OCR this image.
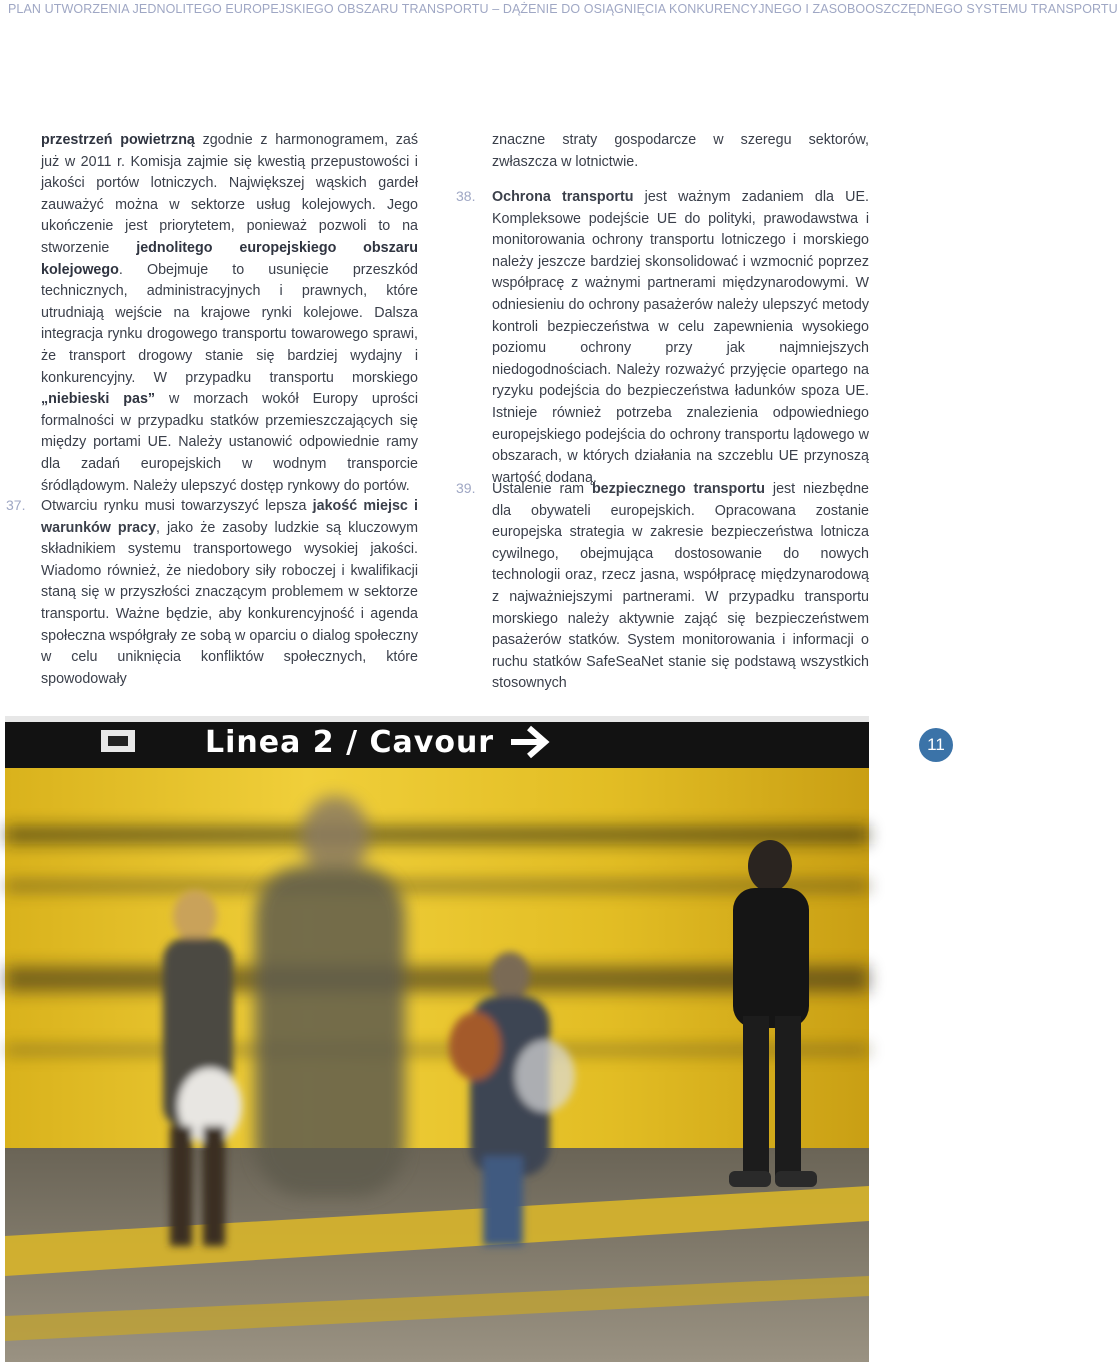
PLAN UTWORZENIA JEDNOLITEGO EUROPEJSKIEGO OBSZARU TRANSPORTU – DĄŻENIE DO OSIĄGNIĘCIA KONKURENCYJNEGO I ZASOBOOSZCZĘDNEGO SYSTEMU TRANSPORTU

przestrzeń powietrzną zgodnie z harmonogramem, zaś już w 2011 r. Komisja zajmie się kwestią przepustowości i jakości portów lotniczych. Największej wąskich gardeł zauważyć można w sektorze usług kolejowych. Jego ukończenie jest priorytetem, ponieważ pozwoli to na stworzenie jednolitego europejskiego obszaru kolejowego. Obejmuje to usunięcie przeszkód technicznych, administracyjnych i prawnych, które utrudniają wejście na krajowe rynki kolejowe. Dalsza integracja rynku drogowego transportu towarowego sprawi, że transport drogowy stanie się bardziej wydajny i konkurencyjny. W przypadku transportu morskiego „niebieski pas” w morzach wokół Europy uprości formalności w przypadku statków przemieszczających się między portami UE. Należy ustanowić odpowiednie ramy dla zadań europejskich w wodnym transporcie śródlądowym. Należy ulepszyć dostęp rynkowy do portów.

37. Otwarciu rynku musi towarzyszyć lepsza jakość miejsc i warunków pracy, jako że zasoby ludzkie są kluczowym składnikiem systemu transportowego wysokiej jakości. Wiadomo również, że niedobory siły roboczej i kwalifikacji staną się w przyszłości znaczącym problemem w sektorze transportu. Ważne będzie, aby konkurencyjność i agenda społeczna współgrały ze sobą w oparciu o dialog społeczny w celu uniknięcia konfliktów społecznych, które spowodowały

znaczne straty gospodarcze w szeregu sektorów, zwłaszcza w lotnictwie.

38. Ochrona transportu jest ważnym zadaniem dla UE. Kompleksowe podejście UE do polityki, prawodawstwa i monitorowania ochrony transportu lotniczego i morskiego należy jeszcze bardziej skonsolidować i wzmocnić poprzez współpracę z ważnymi partnerami międzynarodowymi. W odniesieniu do ochrony pasażerów należy ulepszyć metody kontroli bezpieczeństwa w celu zapewnienia wysokiego poziomu ochrony przy jak najmniejszych niedogodnościach. Należy rozważyć przyjęcie opartego na ryzyku podejścia do bezpieczeństwa ładunków spoza UE. Istnieje również potrzeba znalezienia odpowiedniego europejskiego podejścia do ochrony transportu lądowego w obszarach, w których działania na szczeblu UE przynoszą wartość dodaną.

39. Ustalenie ram bezpiecznego transportu jest niezbędne dla obywateli europejskich. Opracowana zostanie europejska strategia w zakresie bezpieczeństwa lotnicza cywilnego, obejmująca dostosowanie do nowych technologii oraz, rzecz jasna, współpracę międzynarodową z najważniejszymi partnerami. W przypadku transportu morskiego należy aktywnie zająć się bezpieczeństwem pasażerów statków. System monitorowania i informacji o ruchu statków SafeSeaNet stanie się podstawą wszystkich stosownych

Linea 2 / Cavour	11
